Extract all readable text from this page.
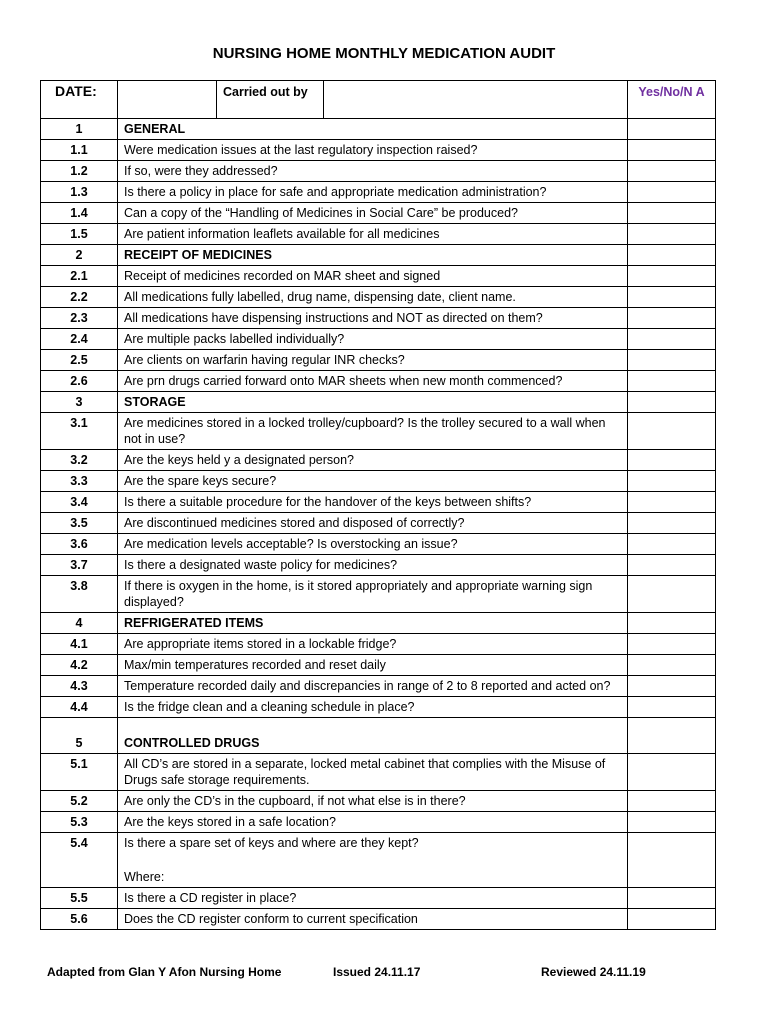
NURSING HOME MONTHLY MEDICATION AUDIT
DATE:		Carried out by		Yes/No/N A
1	GENERAL			
1.1	Were medication issues at the last regulatory inspection raised?			
1.2	If so, were they addressed?			
1.3	Is there a policy in place for safe and appropriate medication administration?			
1.4	Can a copy of the “Handling of Medicines in Social Care” be produced?			
1.5	Are patient information leaflets available for all medicines			
2	RECEIPT OF MEDICINES			
2.1	Receipt of medicines recorded on MAR sheet and signed			
2.2	All medications fully labelled, drug name, dispensing date, client name.			
2.3	All medications have dispensing instructions and NOT as directed on them?			
2.4	Are multiple packs labelled individually?			
2.5	Are clients on warfarin having regular INR checks?			
2.6	Are prn drugs carried forward onto MAR sheets when new month commenced?			
3	STORAGE			
3.1	Are medicines stored in a locked trolley/cupboard? Is the trolley secured to a wall when not in use?			
3.2	Are the keys held y a designated person?			
3.3	Are the spare keys secure?			
3.4	Is there a suitable procedure for the handover of the keys between shifts?			
3.5	Are discontinued medicines stored and disposed of correctly?			
3.6	Are medication levels acceptable? Is overstocking an issue?			
3.7	Is there a designated waste policy for medicines?			
3.8	If there is oxygen in the home, is it stored appropriately and appropriate warning sign displayed?			
4	REFRIGERATED ITEMS			
4.1	Are appropriate items stored in a lockable fridge?			
4.2	Max/min temperatures recorded and reset daily			
4.3	Temperature recorded daily and discrepancies in range of 2 to 8 reported and acted on?			
4.4	Is the fridge clean and a cleaning schedule in place?			
5	CONTROLLED DRUGS			
5.1	All CD’s are stored in a separate, locked metal cabinet that complies with the Misuse of Drugs safe storage requirements.			
5.2	Are only the CD’s in the cupboard, if not what else is in there?			
5.3	Are the keys stored in a safe location?			
5.4	Is there a spare set of keys and where are they kept?
Where:			

5.5	Is there a CD register in place?			
5.6	Does the CD register conform to current specification			
Adapted from Glan Y Afon Nursing Home	Issued 24.11.17	Reviewed 24.11.19
